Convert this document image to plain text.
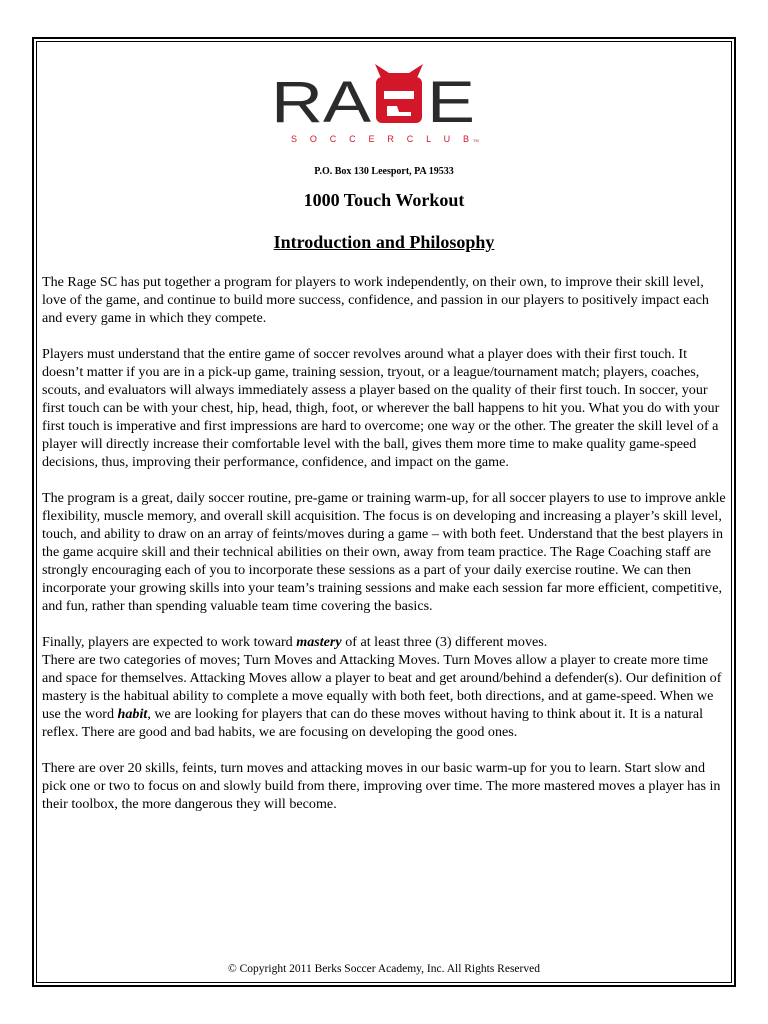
RA E
S O C C E R C L U B TM
P.O. Box 130 Leesport, PA 19533
1000 Touch Workout
Introduction and Philosophy

The Rage SC has put together a program for players to work independently, on their own, to improve their skill level, love of the game, and continue to build more success, confidence, and passion in our players to positively impact each and every game in which they compete.

Players must understand that the entire game of soccer revolves around what a player does with their first touch. It doesn’t matter if you are in a pick-up game, training session, tryout, or a league/tournament match; players, coaches, scouts, and evaluators will always immediately assess a player based on the quality of their first touch. In soccer, your first touch can be with your chest, hip, head, thigh, foot, or wherever the ball happens to hit you. What you do with your first touch is imperative and first impressions are hard to overcome; one way or the other. The greater the skill level of a player will directly increase their comfortable level with the ball, gives them more time to make quality game-speed decisions, thus, improving their performance, confidence, and impact on the game.

The program is a great, daily soccer routine, pre-game or training warm-up, for all soccer players to use to improve ankle flexibility, muscle memory, and overall skill acquisition. The focus is on developing and increasing a player’s skill level, touch, and ability to draw on an array of feints/moves during a game – with both feet. Understand that the best players in the game acquire skill and their technical abilities on their own, away from team practice. The Rage Coaching staff are strongly encouraging each of you to incorporate these sessions as a part of your daily exercise routine. We can then incorporate your growing skills into your team’s training sessions and make each session far more efficient, competitive, and fun, rather than spending valuable team time covering the basics.

Finally, players are expected to work toward mastery of at least three (3) different moves.
There are two categories of moves; Turn Moves and Attacking Moves. Turn Moves allow a player to create more time and space for themselves. Attacking Moves allow a player to beat and get around/behind a defender(s). Our definition of mastery is the habitual ability to complete a move equally with both feet, both directions, and at game-speed. When we use the word habit, we are looking for players that can do these moves without having to think about it. It is a natural reflex. There are good and bad habits, we are focusing on developing the good ones.

There are over 20 skills, feints, turn moves and attacking moves in our basic warm-up for you to learn. Start slow and pick one or two to focus on and slowly build from there, improving over time. The more mastered moves a player has in their toolbox, the more dangerous they will become.

© Copyright 2011 Berks Soccer Academy, Inc. All Rights Reserved
